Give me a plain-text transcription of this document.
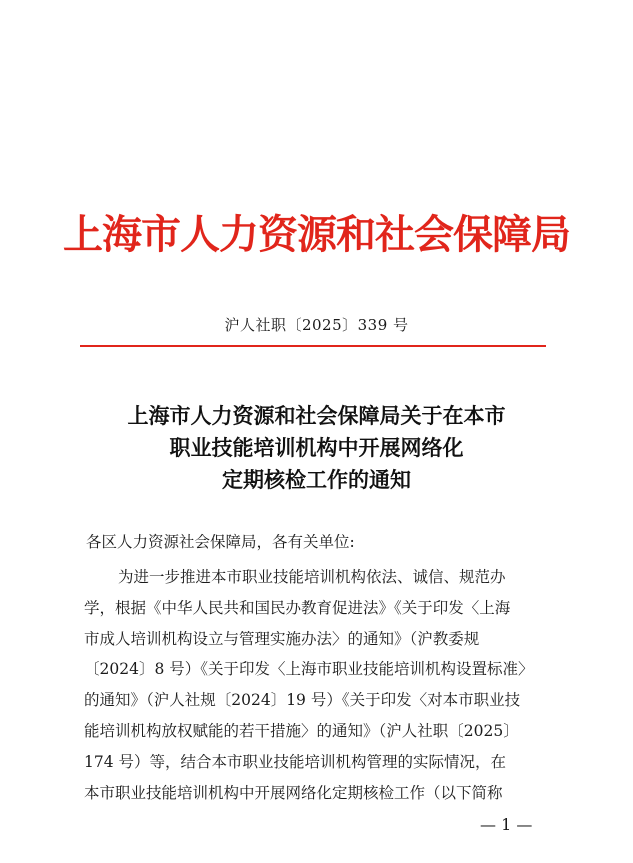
上海市人力资源和社会保障局
沪人社职〔2025〕339 号
上海市人力资源和社会保障局关于在本市
职业技能培训机构中开展网络化
定期核检工作的通知
各区人力资源社会保障局，各有关单位:
为进一步推进本市职业技能培训机构依法、诚信、规范办
学，根据《中华人民共和国民办教育促进法》《关于印发〈上海
市成人培训机构设立与管理实施办法〉的通知》（沪教委规
〔2024〕8 号）《关于印发〈上海市职业技能培训机构设置标准〉
的通知》（沪人社规〔2024〕19 号）《关于印发〈对本市职业技
能培训机构放权赋能的若干措施〉的通知》（沪人社职〔2025〕
174 号）等，结合本市职业技能培训机构管理的实际情况，在
本市职业技能培训机构中开展网络化定期核检工作（以下简称
— 1 —
